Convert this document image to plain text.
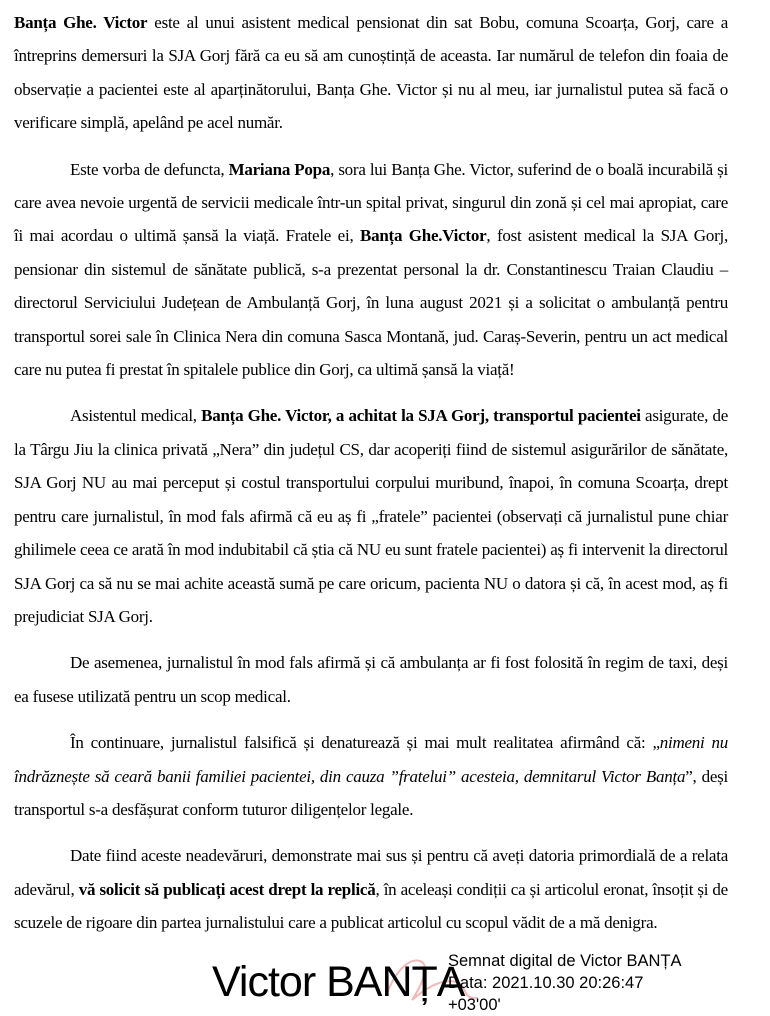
Banța Ghe. Victor este al unui asistent medical pensionat din sat Bobu, comuna Scoarța, Gorj, care a întreprins demersuri la SJA Gorj fără ca eu să am cunoștință de aceasta. Iar numărul de telefon din foaia de observație a pacientei este al aparținătorului, Banța Ghe. Victor și nu al meu, iar jurnalistul putea să facă o verificare simplă, apelând pe acel număr.

Este vorba de defuncta, Mariana Popa, sora lui Banța Ghe. Victor, suferind de o boală incurabilă și care avea nevoie urgentă de servicii medicale într-un spital privat, singurul din zonă și cel mai apropiat, care îi mai acordau o ultimă șansă la viață. Fratele ei, Banța Ghe.Victor, fost asistent medical la SJA Gorj, pensionar din sistemul de sănătate publică, s-a prezentat personal la dr. Constantinescu Traian Claudiu – directorul Serviciului Județean de Ambulanță Gorj, în luna august 2021 și a solicitat o ambulanță pentru transportul sorei sale în Clinica Nera din comuna Sasca Montană, jud. Caraș-Severin, pentru un act medical care nu putea fi prestat în spitalele publice din Gorj, ca ultimă șansă la viață!

Asistentul medical, Banța Ghe. Victor, a achitat la SJA Gorj, transportul pacientei asigurate, de la Târgu Jiu la clinica privată „Nera” din județul CS, dar acoperiți fiind de sistemul asigurărilor de sănătate, SJA Gorj NU au mai perceput și costul transportului corpului muribund, înapoi, în comuna Scoarța, drept pentru care jurnalistul, în mod fals afirmă că eu aș fi „fratele” pacientei (observați că jurnalistul pune chiar ghilimele ceea ce arată în mod indubitabil că știa că NU eu sunt fratele pacientei) aș fi intervenit la directorul SJA Gorj ca să nu se mai achite această sumă pe care oricum, pacienta NU o datora și că, în acest mod, aș fi prejudiciat SJA Gorj.

De asemenea, jurnalistul în mod fals afirmă și că ambulanța ar fi fost folosită în regim de taxi, deși ea fusese utilizată pentru un scop medical.

În continuare, jurnalistul falsifică și denaturează și mai mult realitatea afirmând că: „nimeni nu îndrăznește să ceară banii familiei pacientei, din cauza ”fratelui” acesteia, demnitarul Victor Banța”, deși transportul s-a desfășurat conform tuturor diligențelor legale.

Date fiind aceste neadevăruri, demonstrate mai sus și pentru că aveți datoria primordială de a relata adevărul, vă solicit să publicați acest drept la replică, în aceleași condiții ca și articolul eronat, însoțit și de scuzele de rigoare din partea jurnalistului care a publicat articolul cu scopul vădit de a mă denigra.

Victor BANȚA
Semnat digital de Victor BANȚA
Data: 2021.10.30 20:26:47
+03'00'
